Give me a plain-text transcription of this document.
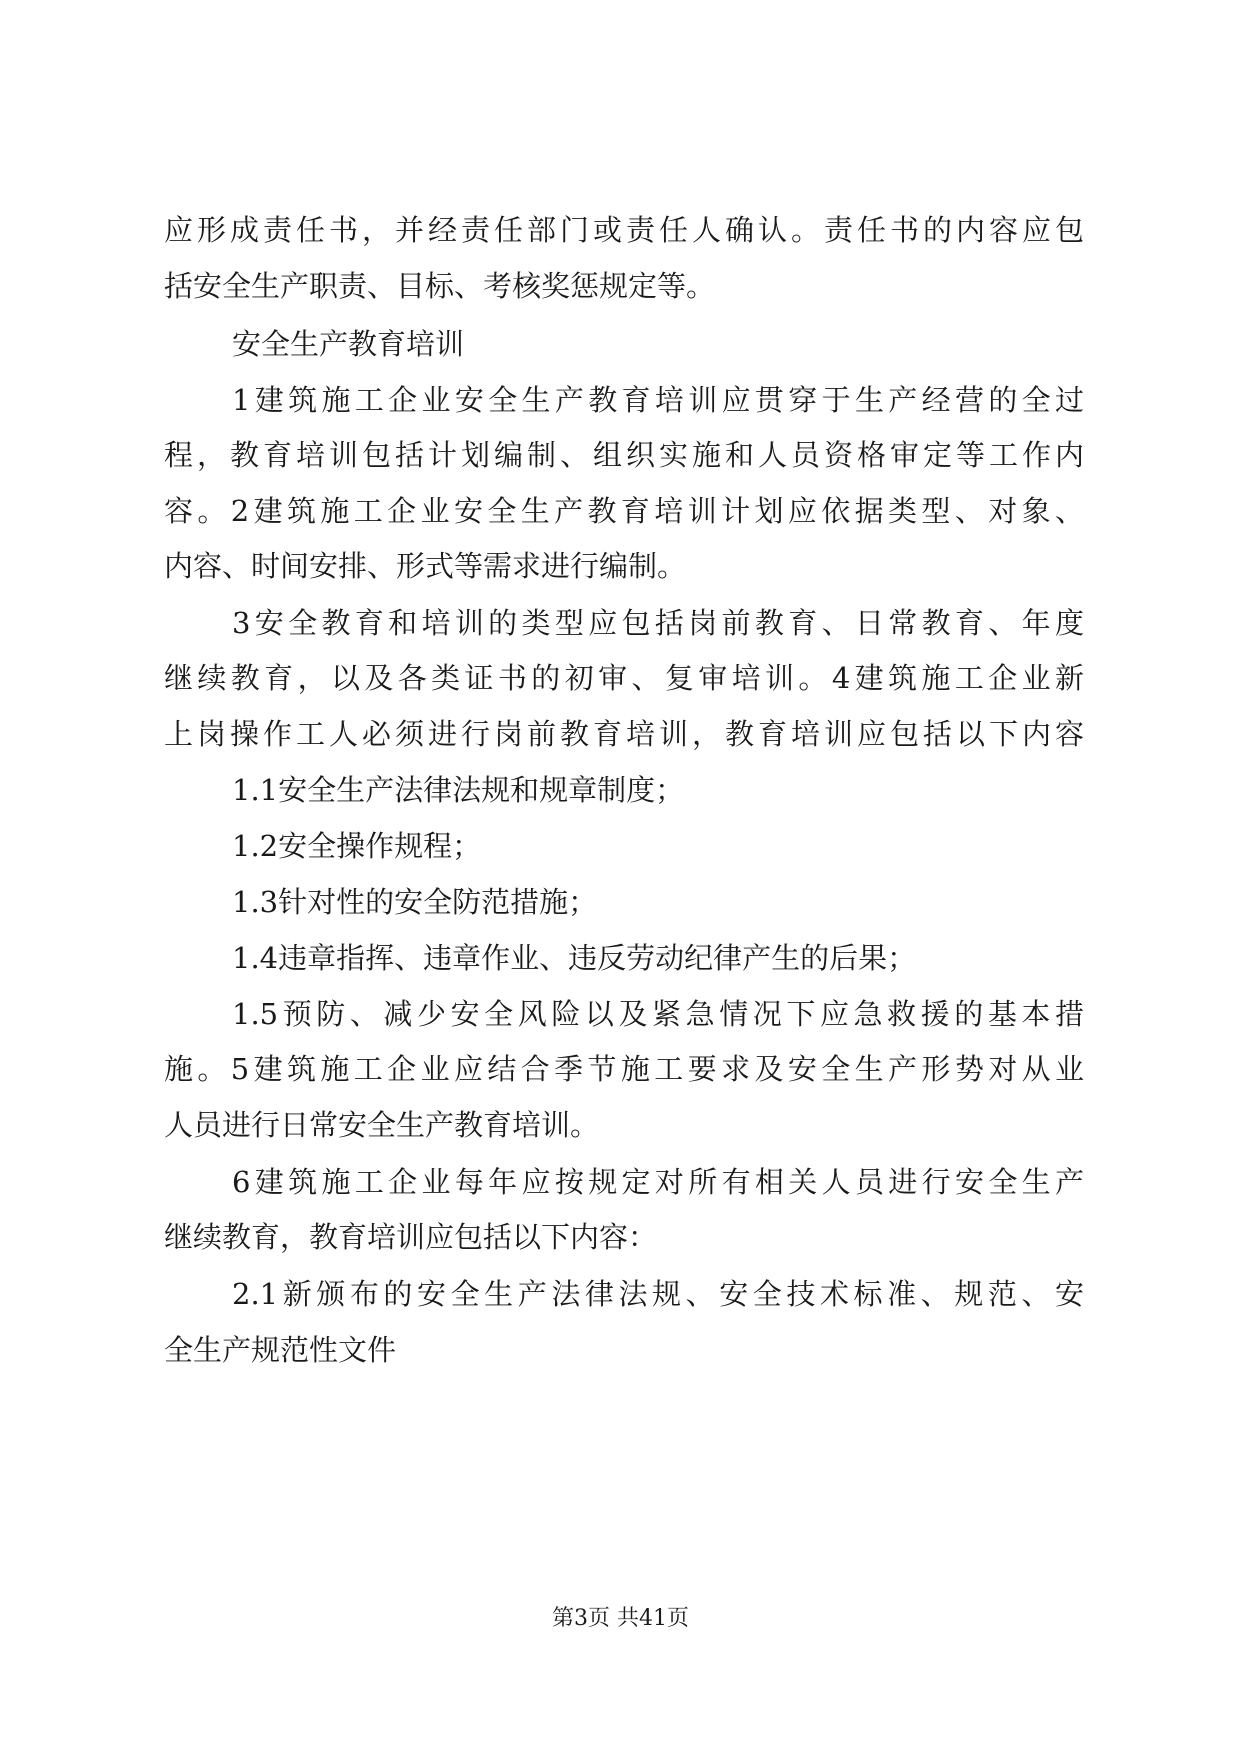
应形成责任书，并经责任部门或责任人确认。责任书的内容应包
括安全生产职责、目标、考核奖惩规定等。
安全生产教育培训
1建筑施工企业安全生产教育培训应贯穿于生产经营的全过
程，教育培训包括计划编制、组织实施和人员资格审定等工作内
容。2建筑施工企业安全生产教育培训计划应依据类型、对象、
内容、时间安排、形式等需求进行编制。
3安全教育和培训的类型应包括岗前教育、日常教育、年度
继续教育，以及各类证书的初审、复审培训。4建筑施工企业新
上岗操作工人必须进行岗前教育培训，教育培训应包括以下内容
1.1安全生产法律法规和规章制度；
1.2安全操作规程；
1.3针对性的安全防范措施；
1.4违章指挥、违章作业、违反劳动纪律产生的后果；
1.5预防、减少安全风险以及紧急情况下应急救援的基本措
施。5建筑施工企业应结合季节施工要求及安全生产形势对从业
人员进行日常安全生产教育培训。
6建筑施工企业每年应按规定对所有相关人员进行安全生产
继续教育，教育培训应包括以下内容：
2.1新颁布的安全生产法律法规、安全技术标准、规范、安
全生产规范性文件
第3页 共41页
